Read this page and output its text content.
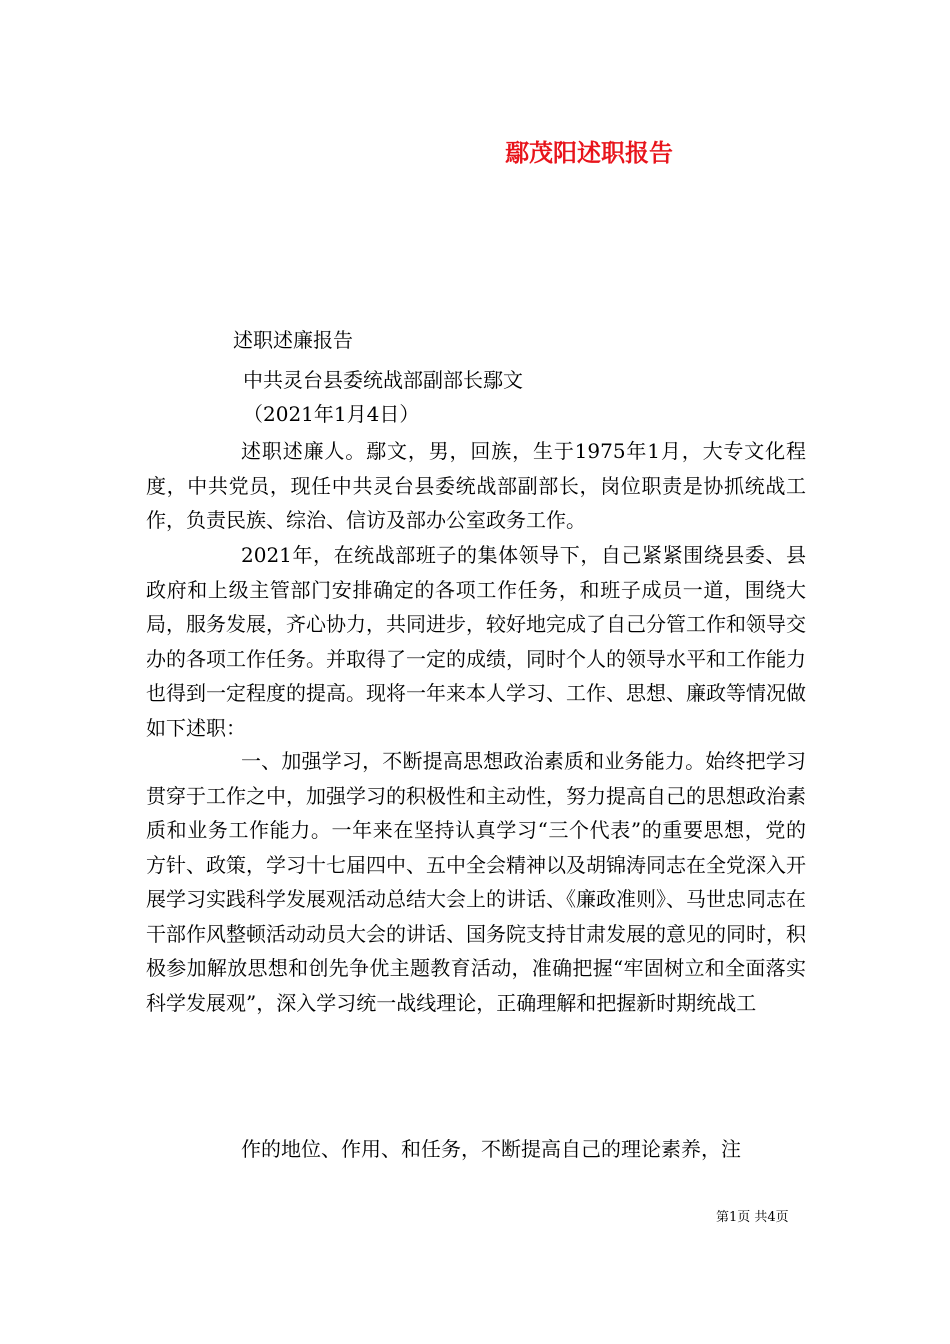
鄢茂阳述职报告
述职述廉报告
中共灵台县委统战部副部长鄢文
（2021年1月4日）

述职述廉人。鄢文，男，回族，生于1975年1月，大专文化程度，中共党员，现任中共灵台县委统战部副部长，岗位职责是协抓统战工作，负责民族、综治、信访及部办公室政务工作。

2021年，在统战部班子的集体领导下，自己紧紧围绕县委、县政府和上级主管部门安排确定的各项工作任务，和班子成员一道，围绕大局，服务发展，齐心协力，共同进步，较好地完成了自己分管工作和领导交办的各项工作任务。并取得了一定的成绩，同时个人的领导水平和工作能力也得到一定程度的提高。现将一年来本人学习、工作、思想、廉政等情况做如下述职：

一、加强学习，不断提高思想政治素质和业务能力。始终把学习贯穿于工作之中，加强学习的积极性和主动性，努力提高自己的思想政治素质和业务工作能力。一年来在坚持认真学习“三个代表”的重要思想，党的方针、政策，学习十七届四中、五中全会精神以及胡锦涛同志在全党深入开展学习实践科学发展观活动总结大会上的讲话、《廉政准则》、马世忠同志在干部作风整顿活动动员大会的讲话、国务院支持甘肃发展的意见的同时，积极参加解放思想和创先争优主题教育活动，准确把握“牢固树立和全面落实科学发展观”，深入学习统一战线理论，正确理解和把握新时期统战工

作的地位、作用、和任务，不断提高自己的理论素养，注

第1页 共4页
